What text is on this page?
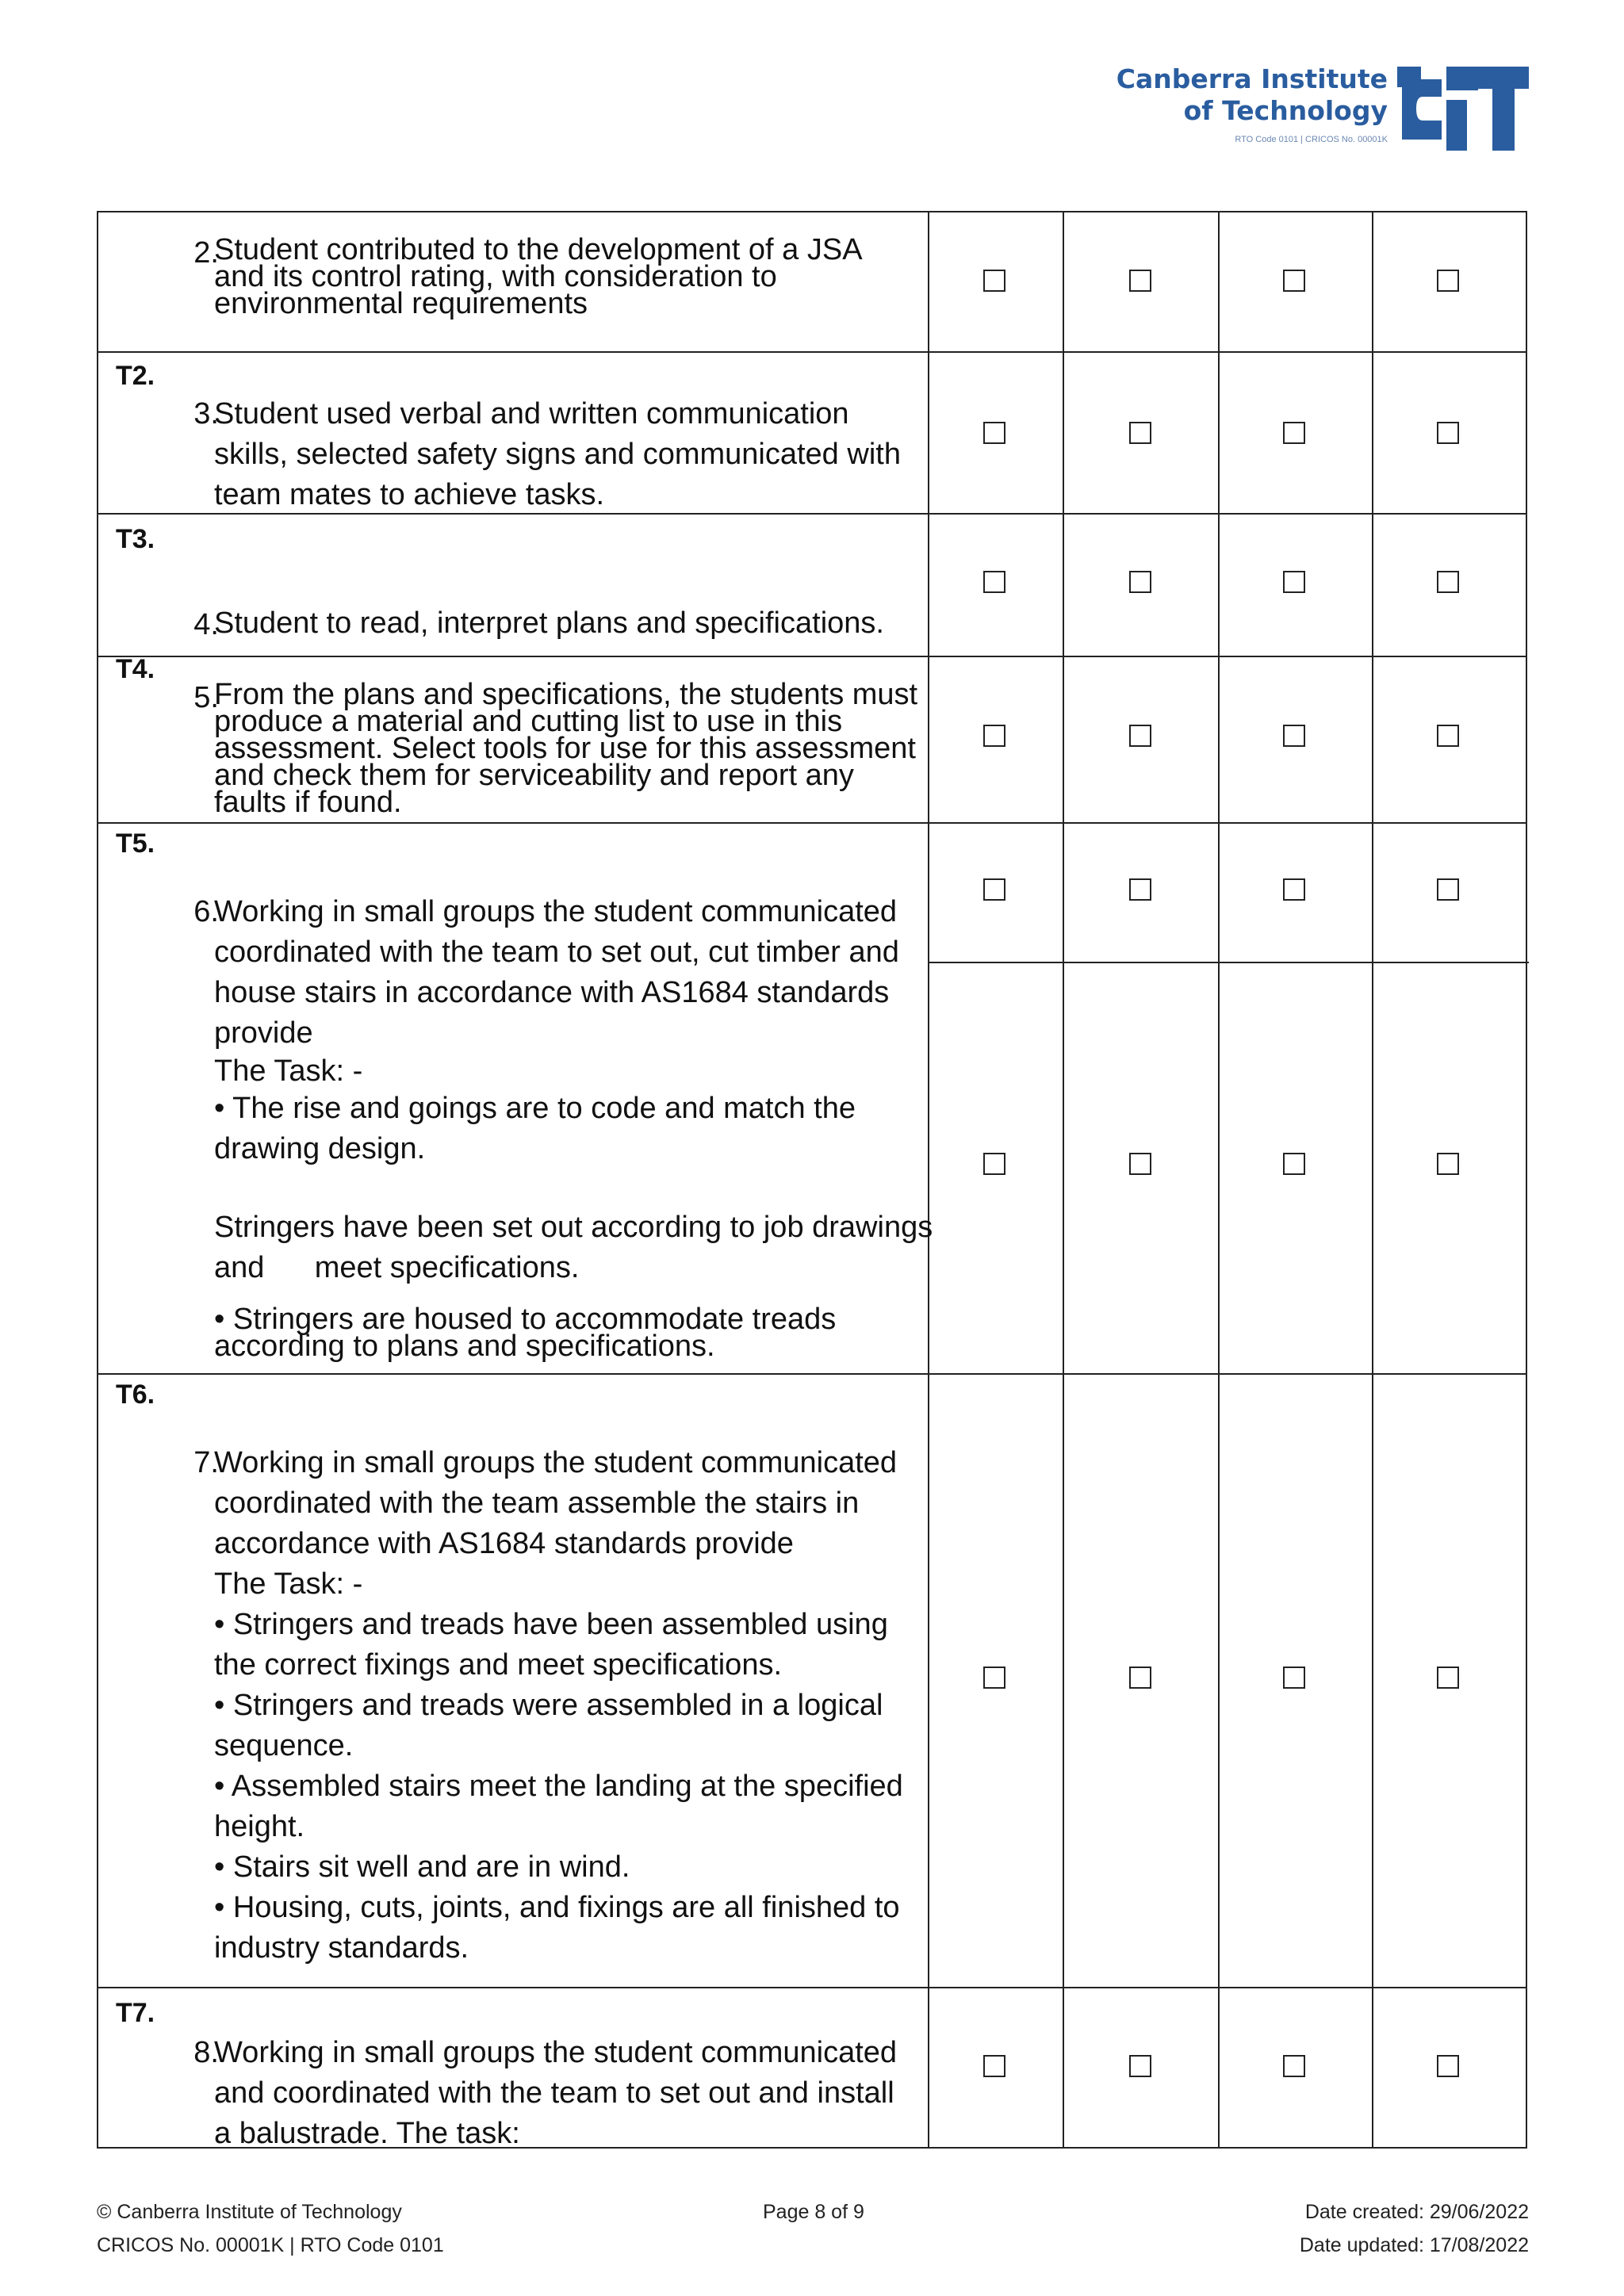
Canberra Institute
of Technology
RTO Code 0101 | CRICOS No. 00001K
2.

Student contributed to the development of a JSA

and its control rating, with consideration to

environmental requirements

T2.
3.

Student used verbal and written communication

skills, selected safety signs and communicated with

team mates to achieve tasks.

T3.
4.

Student to read, interpret plans and specifications.

T4.
5.

From the plans and specifications, the students must

produce a material and cutting list to use in this

assessment. Select tools for use for this assessment

and check them for serviceability and report any

faults if found.

T5.
6.

Working in small groups the student communicated

coordinated with the team to set out, cut timber and

house stairs in accordance with AS1684 standards

provide

The Task: -

• The rise and goings are to code and match the

drawing design.

Stringers have been set out according to job drawings

and      meet specifications.

• Stringers are housed to accommodate treads

according to plans and specifications.

T6.
7.

Working in small groups the student communicated

coordinated with the team assemble the stairs in

accordance with AS1684 standards provide

The Task: -

• Stringers and treads have been assembled using

the correct fixings and meet specifications.

• Stringers and treads were assembled in a logical

sequence.

• Assembled stairs meet the landing at the specified

height.

• Stairs sit well and are in wind.

• Housing, cuts, joints, and fixings are all finished to

industry standards.

T7.
8.

Working in small groups the student communicated

and coordinated with the team to set out and install

a balustrade. The task:

© Canberra Institute of Technology
CRICOS No. 00001K | RTO Code 0101
Page 8 of 9	Date created: 29/06/2022
Date updated: 17/08/2022
